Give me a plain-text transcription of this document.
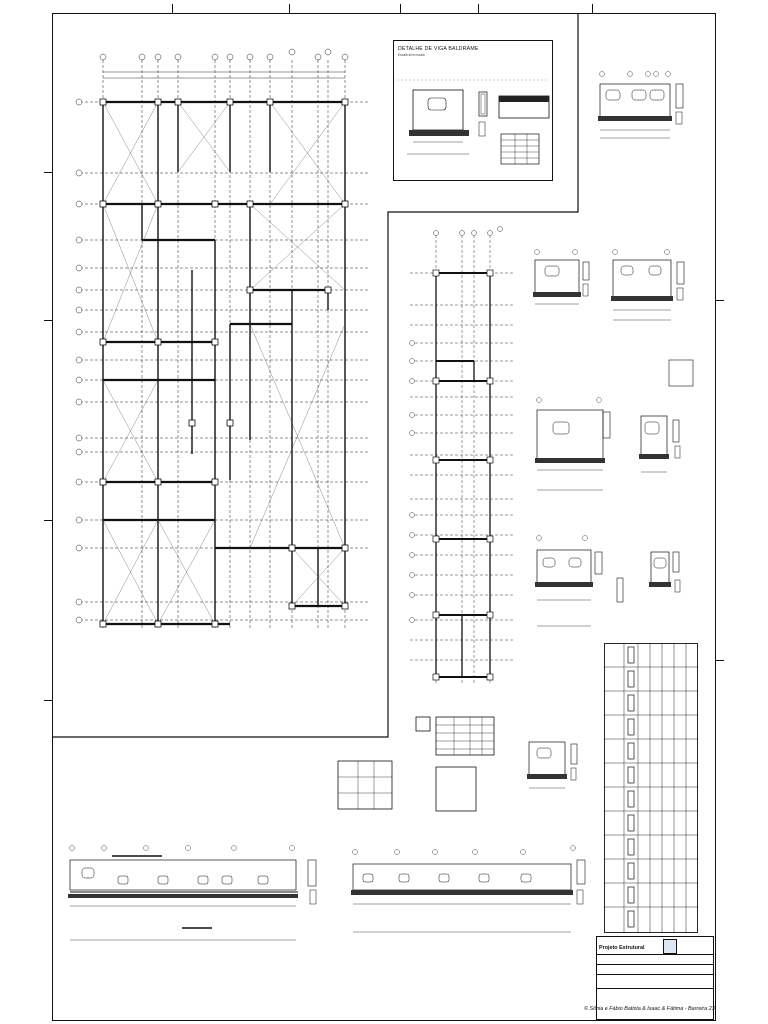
DETALHE DE VIGA BALDRAME
Escala sem escala
Projeto Estrutural
© Sônia e Fábio Batista & Isaac & Fátima - Barreira 23
